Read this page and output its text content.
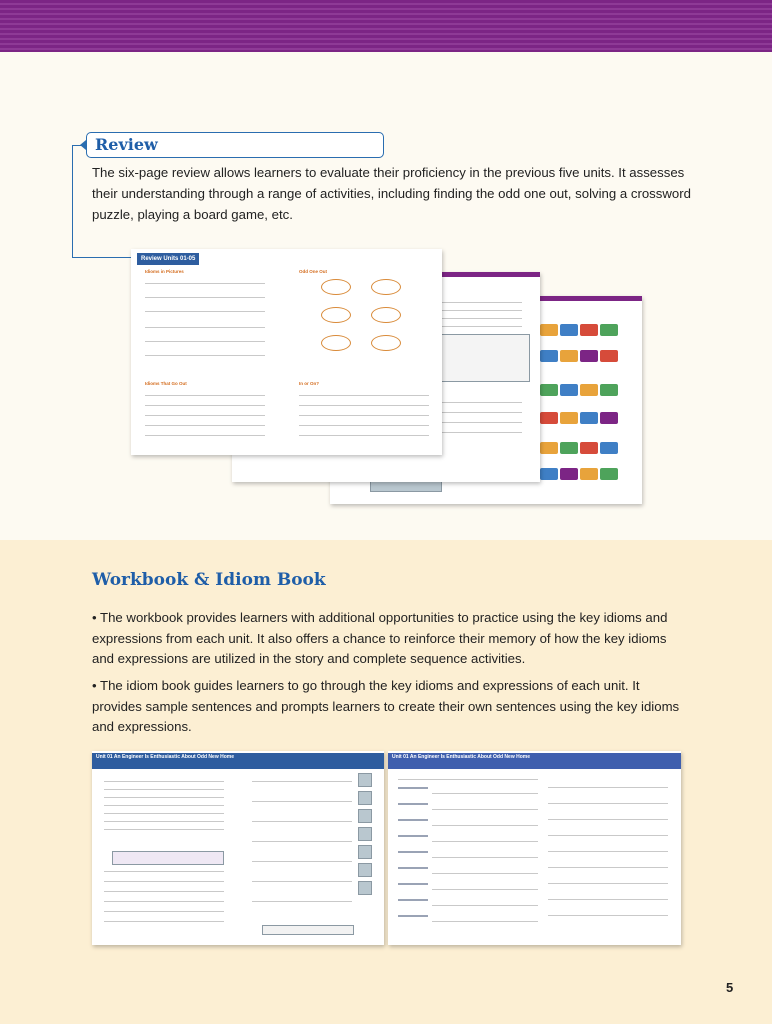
Review
The six-page review allows learners to evaluate their proficiency in the previous five units. It assesses their understanding through a range of activities, including finding the odd one out, solving a crossword puzzle, playing a board game, etc.
Review Units 01-05
Idioms in Pictures	Odd One Out
Idioms That Go Out	In or On?
Workbook & Idiom Book
• The workbook provides learners with additional opportunities to practice using the key idioms and expressions from each unit. It also offers a chance to reinforce their memory of how the key idioms and expressions are utilized in the story and complete sequence activities.
• The idiom book guides learners to go through the key idioms and expressions of each unit. It provides sample sentences and prompts learners to create their own sentences using the key idioms and expressions.
Unit 01 An Engineer Is Enthusiastic About Odd New Home	Unit 01 An Engineer Is Enthusiastic About Odd New Home
5
